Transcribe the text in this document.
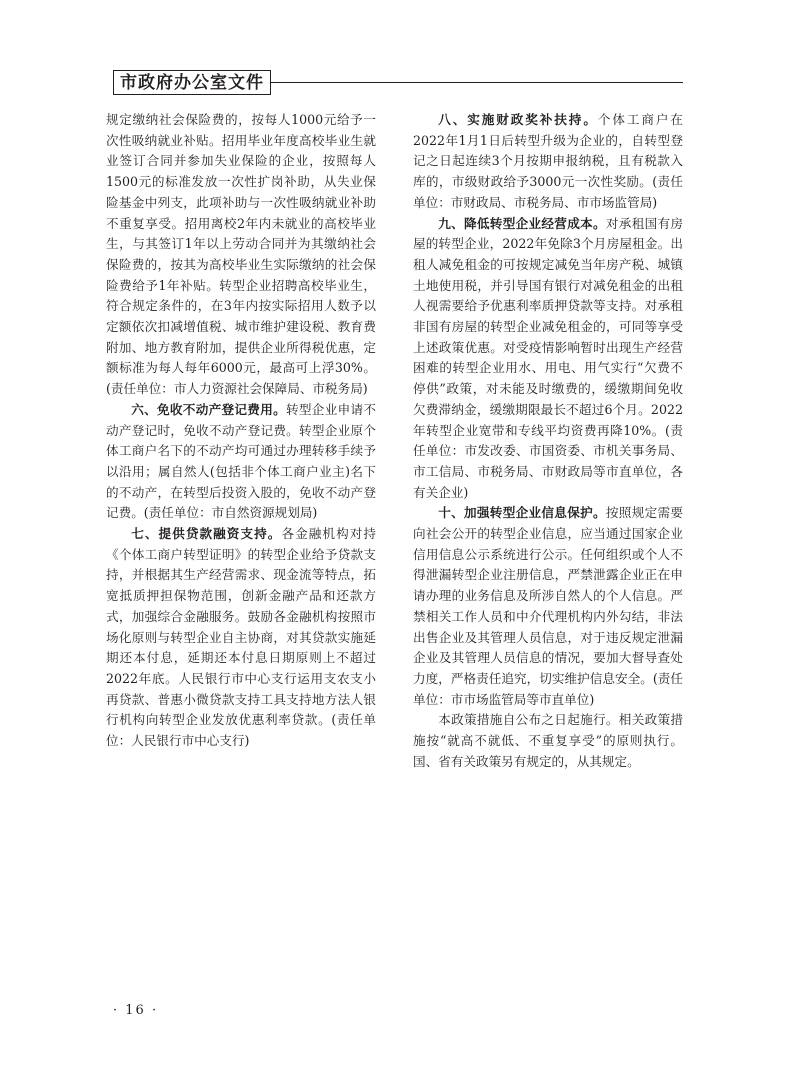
市政府办公室文件

规定缴纳社会保险费的，按每人1000元给予一次性吸纳就业补贴。招用毕业年度高校毕业生就业签订合同并参加失业保险的企业，按照每人1500元的标准发放一次性扩岗补助，从失业保险基金中列支，此项补助与一次性吸纳就业补助不重复享受。招用离校2年内未就业的高校毕业生，与其签订1年以上劳动合同并为其缴纳社会保险费的，按其为高校毕业生实际缴纳的社会保险费给予1年补贴。转型企业招聘高校毕业生，符合规定条件的，在3年内按实际招用人数予以定额依次扣减增值税、城市维护建设税、教育费附加、地方教育附加，提供企业所得税优惠，定额标准为每人每年6000元，最高可上浮30%。(责任单位：市人力资源社会保障局、市税务局)

六、免收不动产登记费用。转型企业申请不动产登记时，免收不动产登记费。转型企业原个体工商户名下的不动产均可通过办理转移手续予以沿用；属自然人(包括非个体工商户业主)名下的不动产，在转型后投资入股的，免收不动产登记费。(责任单位：市自然资源规划局)

七、提供贷款融资支持。各金融机构对持《个体工商户转型证明》的转型企业给予贷款支持，并根据其生产经营需求、现金流等特点，拓宽抵质押担保物范围，创新金融产品和还款方式，加强综合金融服务。鼓励各金融机构按照市场化原则与转型企业自主协商，对其贷款实施延期还本付息，延期还本付息日期原则上不超过2022年底。人民银行市中心支行运用支农支小再贷款、普惠小微贷款支持工具支持地方法人银行机构向转型企业发放优惠利率贷款。(责任单位：人民银行市中心支行)

八、实施财政奖补扶持。个体工商户在2022年1月1日后转型升级为企业的，自转型登记之日起连续3个月按期申报纳税，且有税款入库的，市级财政给予3000元一次性奖励。(责任单位：市财政局、市税务局、市市场监管局)

九、降低转型企业经营成本。对承租国有房屋的转型企业，2022年免除3个月房屋租金。出租人减免租金的可按规定减免当年房产税、城镇土地使用税，并引导国有银行对减免租金的出租人视需要给予优惠利率质押贷款等支持。对承租非国有房屋的转型企业减免租金的，可同等享受上述政策优惠。对受疫情影响暂时出现生产经营困难的转型企业用水、用电、用气实行“欠费不停供”政策，对未能及时缴费的，缓缴期间免收欠费滞纳金，缓缴期限最长不超过6个月。2022年转型企业宽带和专线平均资费再降10%。(责任单位：市发改委、市国资委、市机关事务局、市工信局、市税务局、市财政局等市直单位，各有关企业)

十、加强转型企业信息保护。按照规定需要向社会公开的转型企业信息，应当通过国家企业信用信息公示系统进行公示。任何组织或个人不得泄漏转型企业注册信息，严禁泄露企业正在申请办理的业务信息及所涉自然人的个人信息。严禁相关工作人员和中介代理机构内外勾结，非法出售企业及其管理人员信息，对于违反规定泄漏企业及其管理人员信息的情况，要加大督导查处力度，严格责任追究，切实维护信息安全。(责任单位：市市场监管局等市直单位)

本政策措施自公布之日起施行。相关政策措施按“就高不就低、不重复享受”的原则执行。国、省有关政策另有规定的，从其规定。

· 16 ·
